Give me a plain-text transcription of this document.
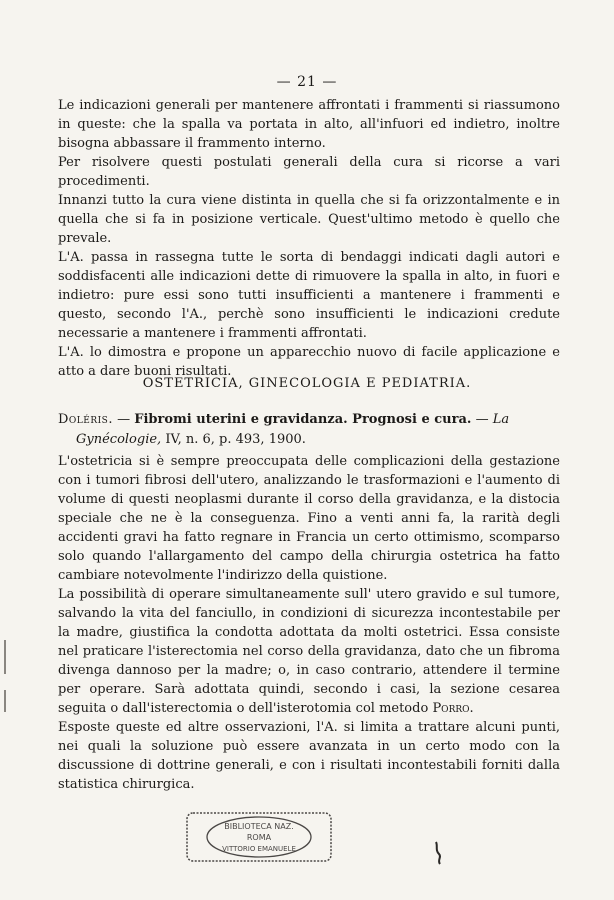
— 21 —

Le indicazioni generali per mantenere affrontati i frammenti si riassumono in queste: che la spalla va portata in alto, all'infuori ed indietro, inoltre bisogna abbassare il frammento interno.

Per risolvere questi postulati generali della cura si ricorse a vari procedimenti.

Innanzi tutto la cura viene distinta in quella che si fa orizzontalmente e in quella che si fa in posizione verticale. Quest'ultimo metodo è quello che prevale.

L'A. passa in rassegna tutte le sorta di bendaggi indicati dagli autori e soddisfacenti alle indicazioni dette di rimuovere la spalla in alto, in fuori e indietro: pure essi sono tutti insufficienti a mantenere i frammenti e questo, secondo l'A., perchè sono insufficienti le indicazioni credute necessarie a mantenere i frammenti affrontati.

L'A. lo dimostra e propone un apparecchio nuovo di facile applicazione e atto a dare buoni risultati.

OSTETRICIA, GINECOLOGIA E PEDIATRIA.
Doléris. — Fibromi uterini e gravidanza. Prognosi e cura. — La
Gynécologie, IV, n. 6, p. 493, 1900.

L'ostetricia si è sempre preoccupata delle complicazioni della gestazione con i tumori fibrosi dell'utero, analizzando le trasformazioni e l'aumento di volume di questi neoplasmi durante il corso della gravidanza, e la distocia speciale che ne è la conseguenza. Fino a venti anni fa, la rarità degli accidenti gravi ha fatto regnare in Francia un certo ottimismo, scomparso solo quando l'allargamento del campo della chirurgia ostetrica ha fatto cambiare notevolmente l'indirizzo della quistione.

La possibilità di operare simultaneamente sull' utero gravido e sul tumore, salvando la vita del fanciullo, in condizioni di sicurezza incontestabile per la madre, giustifica la condotta adottata da molti ostetrici. Essa consiste nel praticare l'isterectomia nel corso della gravidanza, dato che un fibroma divenga dannoso per la madre; o, in caso contrario, attendere il termine per operare. Sarà adottata quindi, secondo i casi, la sezione cesarea seguita o dall'isterectomia o dell'isterotomia col metodo Porro.

Esposte queste ed altre osservazioni, l'A. si limita a trattare alcuni punti, nei quali la soluzione può essere avanzata in un certo modo con la discussione di dottrine generali, e con i risultati incontestabili forniti dalla statistica chirurgica.

BIBLIOTECA NAZ.
ROMA
VITTORIO EMANUELE
